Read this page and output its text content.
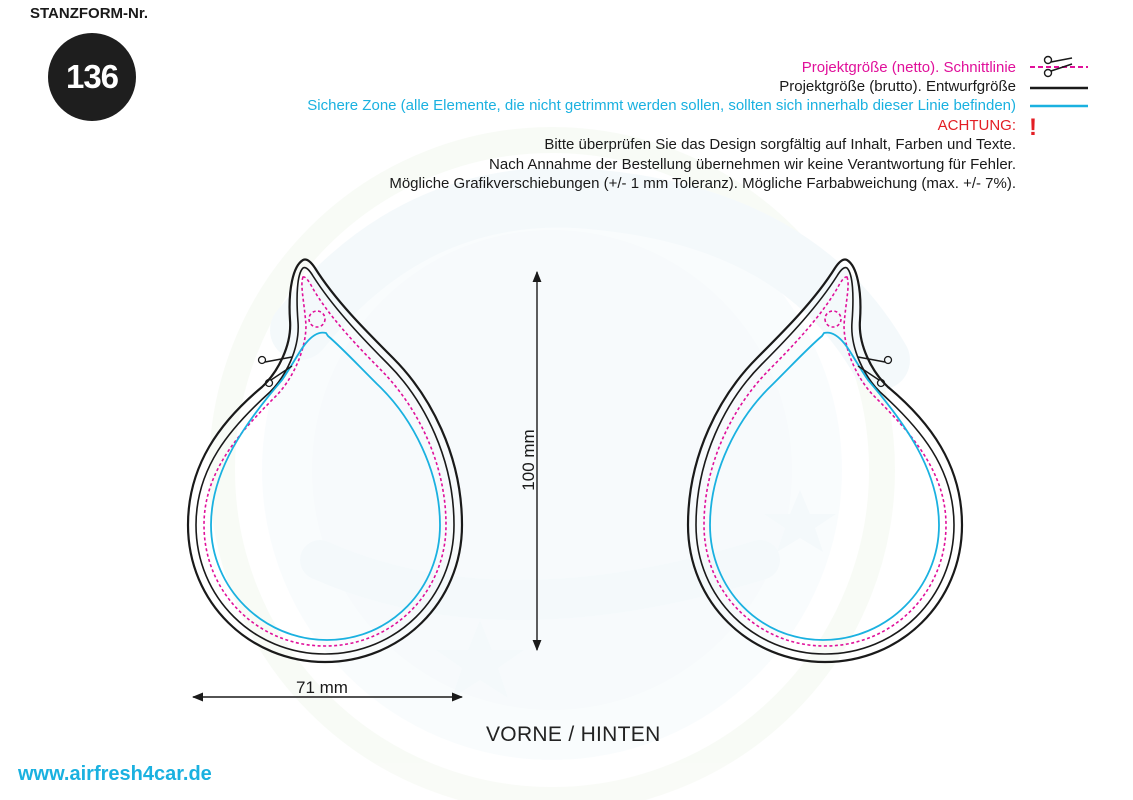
STANZFORM-Nr.
136	Projektgröße (netto). Schnittlinie
Projektgröße (brutto). Entwurfgröße
Sichere Zone (alle Elemente, die nicht getrimmt werden sollen, sollten sich innerhalb dieser Linie befinden)
ACHTUNG: !
Bitte überprüfen Sie das Design sorgfältig auf Inhalt, Farben und Texte.
Nach Annahme der Bestellung übernehmen wir keine Verantwortung für Fehler.
Mögliche Grafikverschiebungen (+/- 1 mm Toleranz). Mögliche Farbabweichung (max. +/- 7%).
100 mm
71 mm
VORNE / HINTEN
www.airfresh4car.de
